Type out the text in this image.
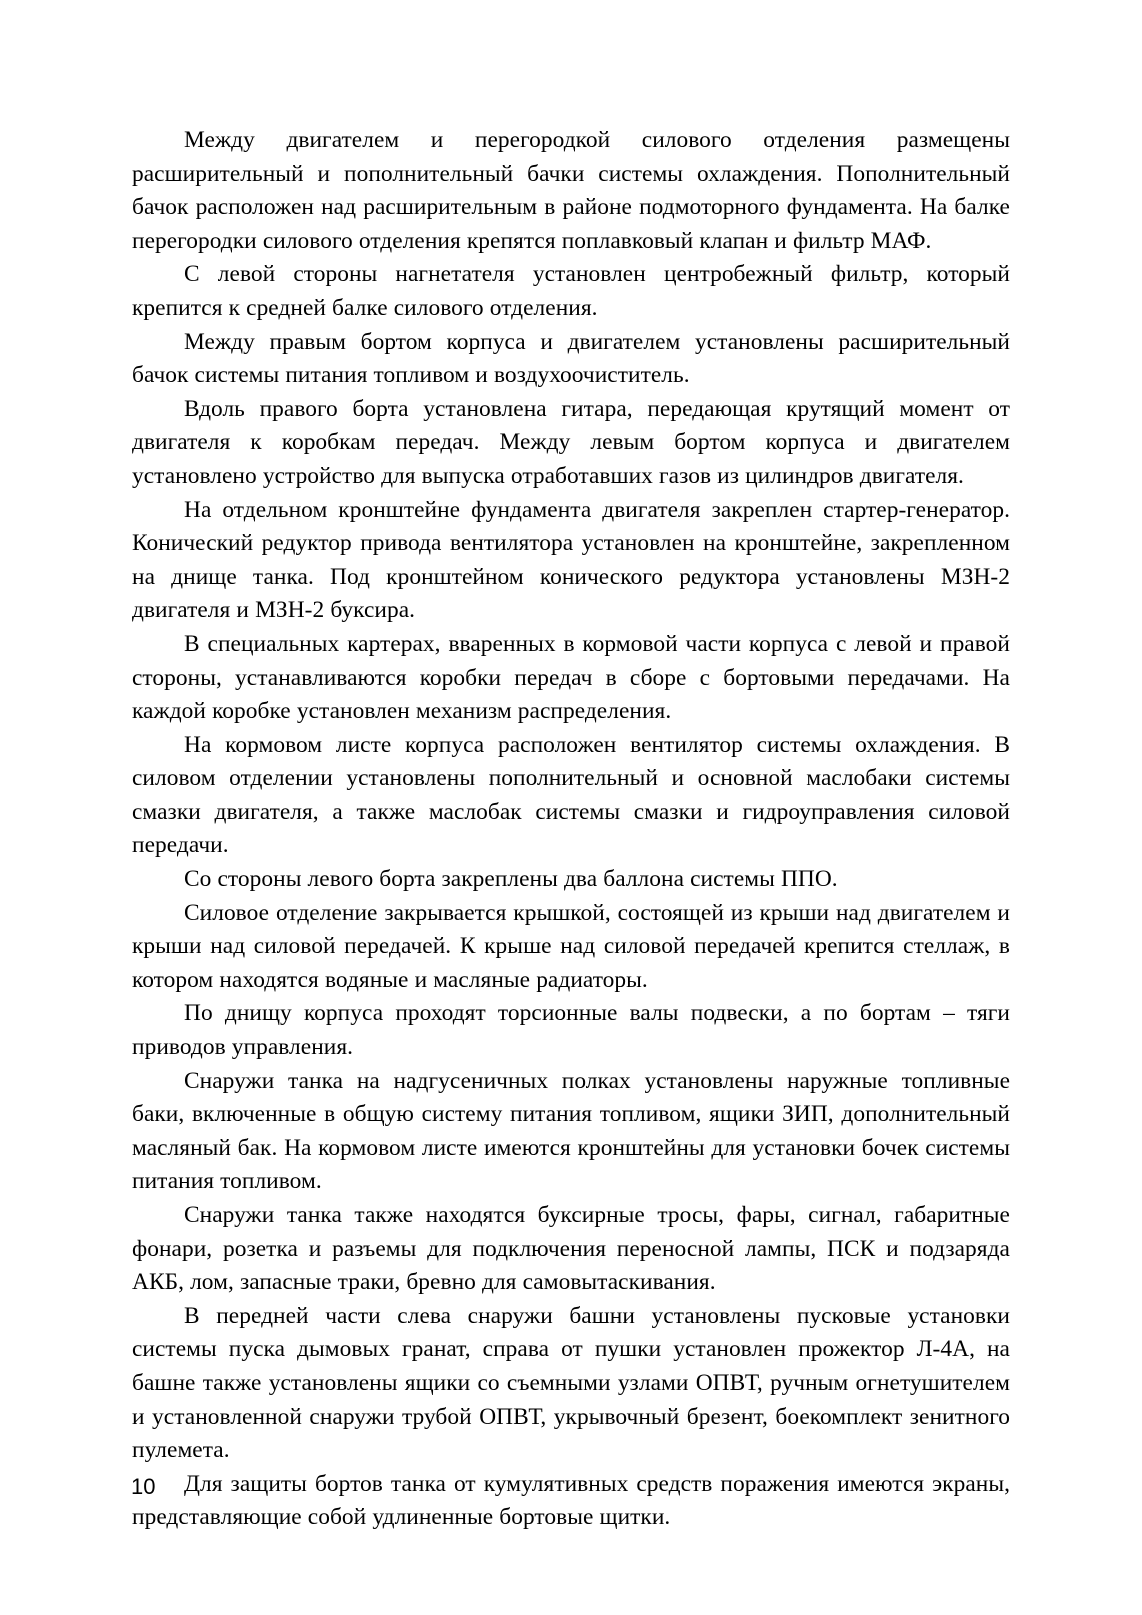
Между двигателем и перегородкой силового отделения размещены расширительный и пополнительный бачки системы охлаждения. Пополнительный бачок расположен над расширительным в районе подмоторного фундамента. На балке перегородки силового отделения крепятся поплавковый клапан и фильтр МАФ.

С левой стороны нагнетателя установлен центробежный фильтр, который крепится к средней балке силового отделения.

Между правым бортом корпуса и двигателем установлены расширительный бачок системы питания топливом и воздухоочиститель.

Вдоль правого борта установлена гитара, передающая крутящий момент от двигателя к коробкам передач. Между левым бортом корпуса и двигателем установлено устройство для выпуска отработавших газов из цилиндров двигателя.

На отдельном кронштейне фундамента двигателя закреплен стартер-генератор. Конический редуктор привода вентилятора установлен на кронштейне, закрепленном на днище танка. Под кронштейном конического редуктора установлены МЗН-2 двигателя и МЗН-2 буксира.

В специальных картерах, вваренных в кормовой части корпуса с левой и правой стороны, устанавливаются коробки передач в сборе с бортовыми передачами. На каждой коробке установлен механизм распределения.

На кормовом листе корпуса расположен вентилятор системы охлаждения. В силовом отделении установлены пополнительный и основной маслобаки системы смазки двигателя, а также маслобак системы смазки и гидроуправления силовой передачи.

Со стороны левого борта закреплены два баллона системы ППО.

Силовое отделение закрывается крышкой, состоящей из крыши над двигателем и крыши над силовой передачей. К крыше над силовой передачей крепится стеллаж, в котором находятся водяные и масляные радиаторы.

По днищу корпуса проходят торсионные валы подвески, а по бортам – тяги приводов управления.

Снаружи танка на надгусеничных полках установлены наружные топливные баки, включенные в общую систему питания топливом, ящики ЗИП, дополнительный масляный бак. На кормовом листе имеются кронштейны для установки бочек системы питания топливом.

Снаружи танка также находятся буксирные тросы, фары, сигнал, габаритные фонари, розетка и разъемы для подключения переносной лампы, ПСК и подзаряда АКБ, лом, запасные траки, бревно для самовытаскивания.

В передней части слева снаружи башни установлены пусковые установки системы пуска дымовых гранат, справа от пушки установлен прожектор Л-4А, на башне также установлены ящики со съемными узлами ОПВТ, ручным огнетушителем и установленной снаружи трубой ОПВТ, укрывочный брезент, боекомплект зенитного пулемета.

Для защиты бортов танка от кумулятивных средств поражения имеются экраны, представляющие собой удлиненные бортовые щитки.

10
